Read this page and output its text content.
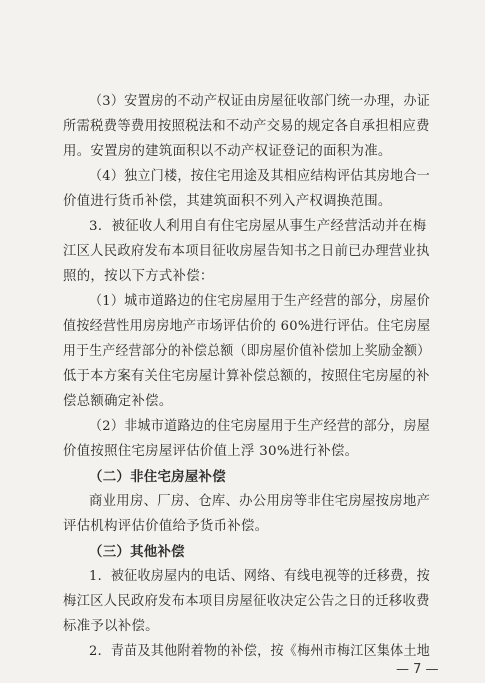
（3）安置房的不动产权证由房屋征收部门统一办理，办证
所需税费等费用按照税法和不动产交易的规定各自承担相应费
用。安置房的建筑面积以不动产权证登记的面积为准。
（4）独立门楼，按住宅用途及其相应结构评估其房地合一
价值进行货币补偿，其建筑面积不列入产权调换范围。
3．被征收人利用自有住宅房屋从事生产经营活动并在梅
江区人民政府发布本项目征收房屋告知书之日前已办理营业执
照的，按以下方式补偿：
（1）城市道路边的住宅房屋用于生产经营的部分，房屋价
值按经营性用房房地产市场评估价的 60%进行评估。住宅房屋
用于生产经营部分的补偿总额（即房屋价值补偿加上奖励金额）
低于本方案有关住宅房屋计算补偿总额的，按照住宅房屋的补
偿总额确定补偿。
（2）非城市道路边的住宅房屋用于生产经营的部分，房屋
价值按照住宅房屋评估价值上浮 30%进行补偿。
（二）非住宅房屋补偿
商业用房、厂房、仓库、办公用房等非住宅房屋按房地产
评估机构评估价值给予货币补偿。
（三）其他补偿
1．被征收房屋内的电话、网络、有线电视等的迁移费，按
梅江区人民政府发布本项目房屋征收决定公告之日的迁移收费
标准予以补偿。
2．青苗及其他附着物的补偿，按《梅州市梅江区集体土地
— 7 —
